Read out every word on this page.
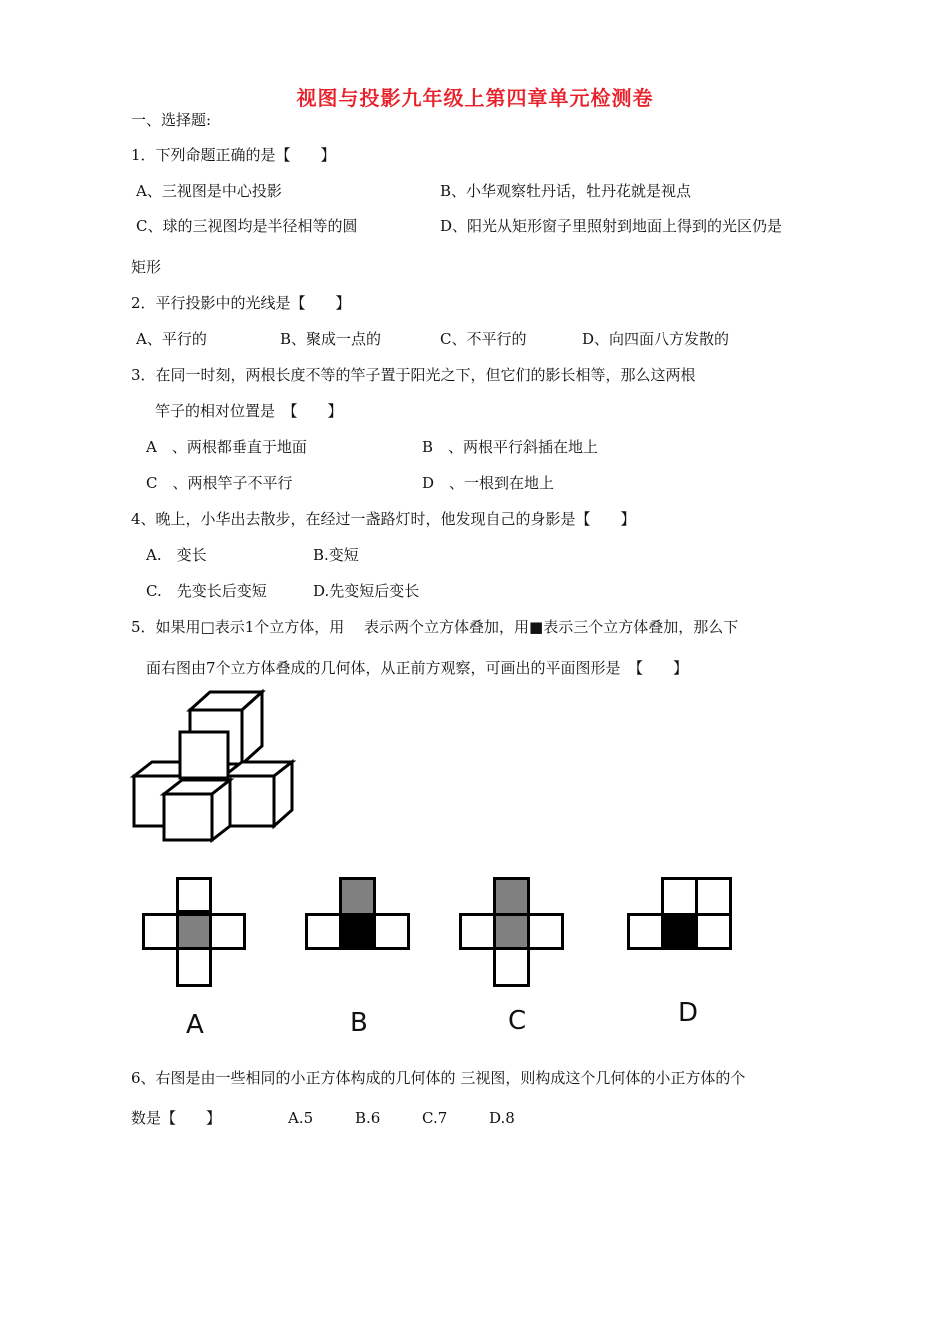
视图与投影九年级上第四章单元检测卷
一、选择题:
1．下列命题正确的是【　　】
A、三视图是中心投影	B、小华观察牡丹话，牡丹花就是视点
C、球的三视图均是半径相等的圆	D、阳光从矩形窗子里照射到地面上得到的光区仍是
矩形
2．平行投影中的光线是【　　】
A、平行的	B、聚成一点的	C、不平行的	D、向四面八方发散的
3．在同一时刻，两根长度不等的竿子置于阳光之下，但它们的影长相等，那么这两根
竿子的相对位置是　【　　】
A　、两根都垂直于地面	B　、两根平行斜插在地上
C　、两根竿子不平行	D　、一根到在地上
4、晚上，小华出去散步，在经过一盏路灯时，他发现自己的身影是【　　】
A.　变长	B.变短
C.　先变长后变短	D.先变短后变长
5．如果用□表示1个立方体，用　 表示两个立方体叠加，用■表示三个立方体叠加，那么下
面右图由7个立方体叠成的几何体，从正前方观察，可画出的平面图形是　【　　】
A	B	C	D
6、右图是由一些相同的小正方体构成的几何体的 三视图，则构成这个几何体的小正方体的个
数是【　　】	A.5	B.6	C.7	D.8
